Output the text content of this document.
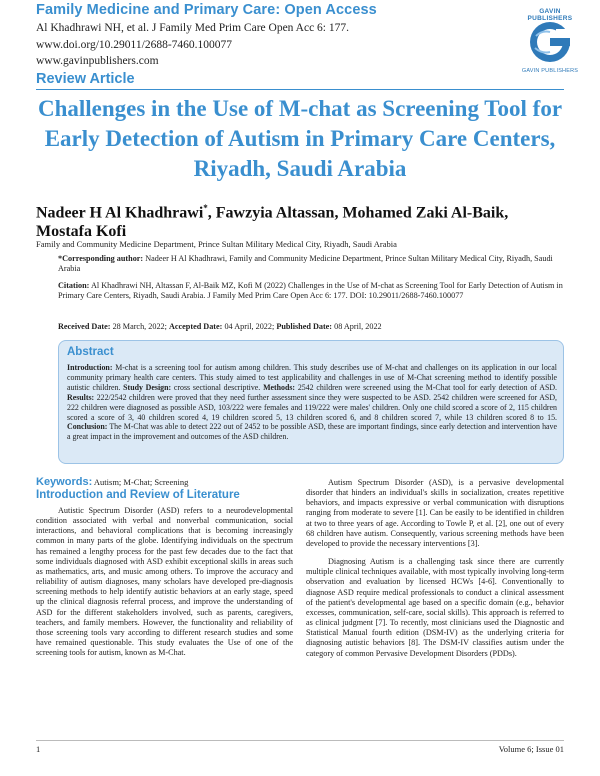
Family Medicine and Primary Care: Open Access
Al Khadhrawi NH, et al. J Family Med Prim Care Open Acc 6: 177.
www.doi.org/10.29011/2688-7460.100077
www.gavinpublishers.com
Review Article
GAVIN PUBLISHERS
GAVIN PUBLISHERS
Challenges in the Use of M-chat as Screening Tool for Early Detection of Autism in Primary Care Centers, Riyadh, Saudi Arabia
Nadeer H Al Khadhrawi*, Fawzyia Altassan, Mohamed Zaki Al-Baik, Mostafa Kofi
Family and Community Medicine Department, Prince Sultan Military Medical City, Riyadh, Saudi Arabia
*Corresponding author: Nadeer H Al Khadhrawi, Family and Community Medicine Department, Prince Sultan Military Medical City, Riyadh, Saudi Arabia
Citation: Al Khadhrawi NH, Altassan F, Al-Baik MZ, Kofi M (2022) Challenges in the Use of M-chat as Screening Tool for Early Detection of Autism in Primary Care Centers, Riyadh, Saudi Arabia. J Family Med Prim Care Open Acc 6: 177. DOI: 10.29011/2688-7460.100077
Received Date: 28 March, 2022; Accepted Date: 04 April, 2022; Published Date: 08 April, 2022
Abstract
Introduction: M-chat is a screening tool for autism among children. This study describes use of M-chat and challenges on its application in our local community primary health care centers. This study aimed to test applicability and challenges in use of M-Chat screening method to identify possible autistic children. Study Design: cross sectional descriptive. Methods: 2542 children were screened using the M-Chat tool for early detection of ASD. Results: 222/2542 children were proved that they need further assessment since they were suspected to be ASD. 2542 children were screened for ASD, 222 children were diagnosed as possible ASD, 103/222 were females and 119/222 were males' children. Only one child scored a score of 2, 115 children scored a score of 3, 40 children scored 4, 19 children scored 5, 13 children scored 6, and 8 children scored 7, while 13 children scored 8 to 15. Conclusion: The M-Chat was able to detect 222 out of 2452 to be possible ASD, these are important findings, since early detection and intervention have a great impact in the improvement and outcomes of the ASD children.
Keywords: Autism; M-Chat; Screening
Introduction and Review of Literature

Autistic Spectrum Disorder (ASD) refers to a neurodevelopmental condition associated with verbal and nonverbal communication, social interactions, and behavioral complications that is becoming increasingly common in many parts of the globe. Identifying individuals on the spectrum has remained a lengthy process for the past few decades due to the fact that some individuals diagnosed with ASD exhibit exceptional skills in areas such as mathematics, arts, and music among others. To improve the accuracy and reliability of autism diagnoses, many scholars have developed pre-diagnosis screening methods to help identify autistic behaviors at an early stage, speed up the clinical diagnosis referral process, and improve the understanding of ASD for the different stakeholders involved, such as parents, caregivers, teachers, and family members. However, the functionality and reliability of those screening tools vary according to different research studies and some have remained questionable. This study evaluates the Use of one of the screening tools for autism, known as M-Chat.

Autism Spectrum Disorder (ASD), is a pervasive developmental disorder that hinders an individual's skills in socialization, creates repetitive behaviors, and impacts expressive or verbal communication with disruptions ranging from moderate to severe [1]. Can be easily to be identified in children at two to three years of age. According to Towle P, et al. [2], one out of every 68 children have autism. Consequently, various screening methods have been developed to provide the necessary interventions [3].

Diagnosing Autism is a challenging task since there are currently multiple clinical techniques available, with most typically involving long-term observation and evaluation by licensed HCWs [4-6]. Conventionally to diagnose ASD require medical professionals to conduct a clinical assessment of the patient's developmental age based on a specific domain (e.g., behavior excesses, communication, self-care, social skills). This approach is referred to as clinical judgment [7]. To recently, most clinicians used the Diagnostic and Statistical Manual fourth edition (DSM-IV) as the underlying criteria for diagnosing autistic behaviors [8]. The DSM-IV classifies autism under the category of common Pervasive Development Disorders (PDDs).

1	Volume 6; Issue 01
